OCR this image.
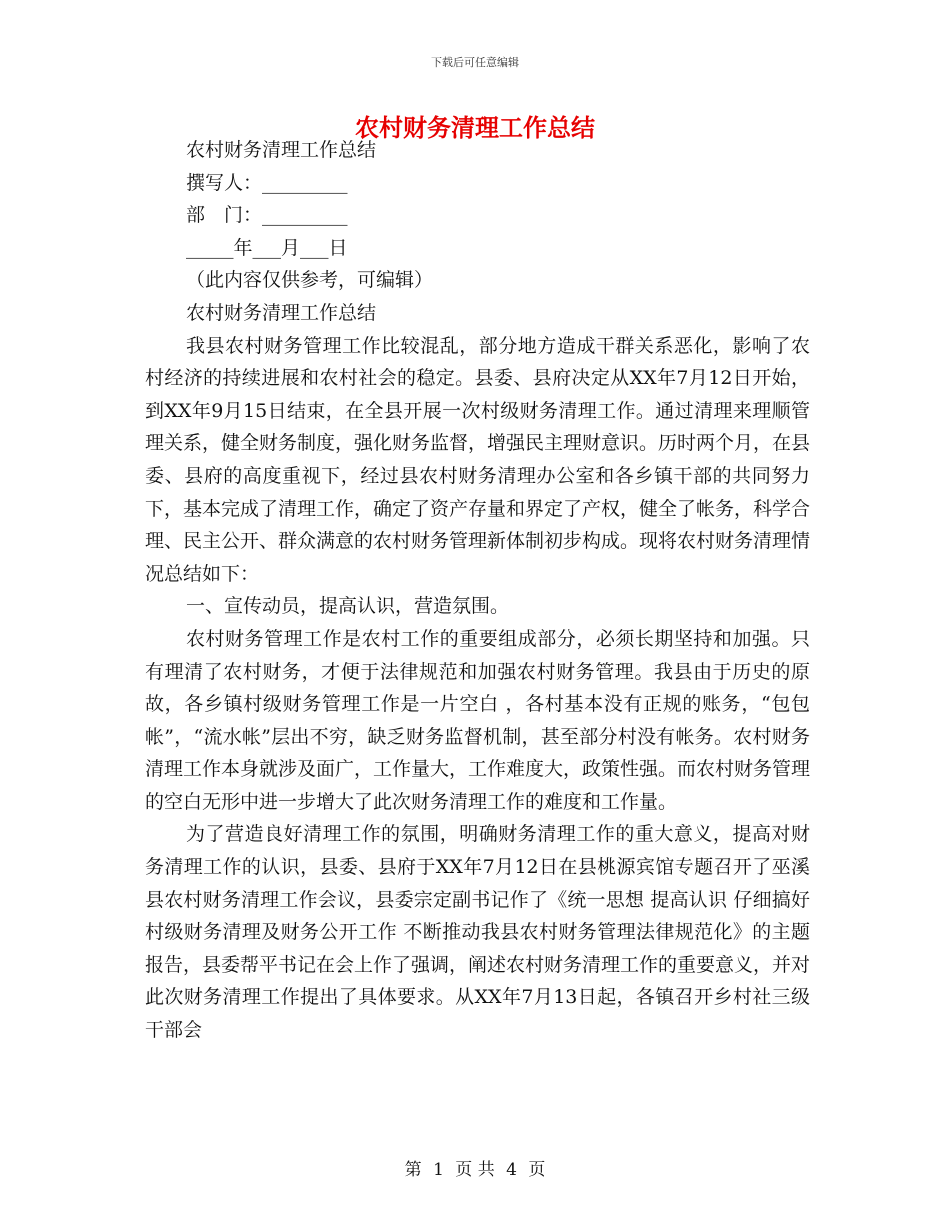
下载后可任意编辑
农村财务清理工作总结
农村财务清理工作总结
撰写人：_________
部　门：_________
_____年___月___日
（此内容仅供参考，可编辑）
农村财务清理工作总结

我县农村财务管理工作比较混乱，部分地方造成干群关系恶化，影响了农村经济的持续进展和农村社会的稳定。县委、县府决定从XX年7月12日开始，到XX年9月15日结束，在全县开展一次村级财务清理工作。通过清理来理顺管理关系，健全财务制度，强化财务监督，增强民主理财意识。历时两个月，在县委、县府的高度重视下，经过县农村财务清理办公室和各乡镇干部的共同努力下，基本完成了清理工作，确定了资产存量和界定了产权，健全了帐务，科学合理、民主公开、群众满意的农村财务管理新体制初步构成。现将农村财务清理情况总结如下：

一、宣传动员，提高认识，营造氛围。

农村财务管理工作是农村工作的重要组成部分，必须长期坚持和加强。只有理清了农村财务，才便于法律规范和加强农村财务管理。我县由于历史的原故，各乡镇村级财务管理工作是一片空白 ，各村基本没有正规的账务，“包包帐”，“流水帐”层出不穷，缺乏财务监督机制，甚至部分村没有帐务。农村财务清理工作本身就涉及面广，工作量大，工作难度大，政策性强。而农村财务管理的空白无形中进一步增大了此次财务清理工作的难度和工作量。

为了营造良好清理工作的氛围，明确财务清理工作的重大意义，提高对财务清理工作的认识，县委、县府于XX年7月12日在县桃源宾馆专题召开了巫溪县农村财务清理工作会议，县委宗定副书记作了《统一思想 提高认识 仔细搞好村级财务清理及财务公开工作 不断推动我县农村财务管理法律规范化》的主题报告，县委帮平书记在会上作了强调，阐述农村财务清理工作的重要意义，并对此次财务清理工作提出了具体要求。从XX年7月13日起，各镇召开乡村社三级干部会

第 1 页 共 4 页
